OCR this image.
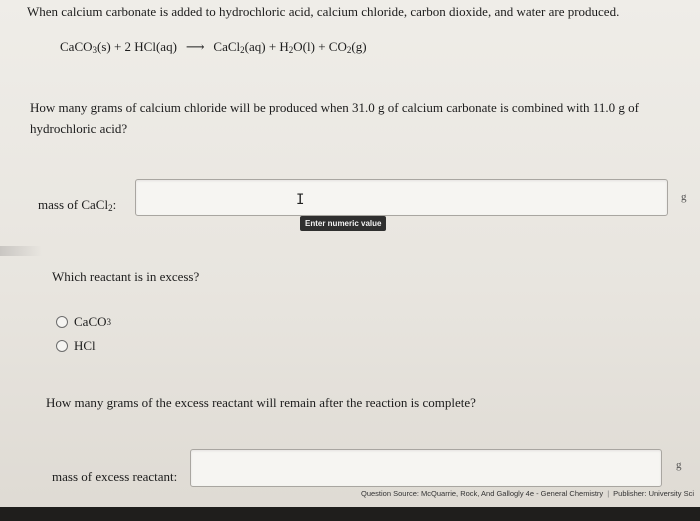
When calcium carbonate is added to hydrochloric acid, calcium chloride, carbon dioxide, and water are produced.
CaCO$_3$(s) + 2 HCl(aq) ⟶ CaCl$_2$(aq) + $H_2O(l) + CO_2(g)$
How many grams of calcium chloride will be produced when 31.0 g of calcium carbonate is combined with 11.0 g of hydrochloric acid?
mass of CaCl$_2$:	I
Enter numeric value
g
Which reactant is in excess?
CaCO 3
HCl
How many grams of the excess reactant will remain after the reaction is complete?
mass of excess reactant:
g
Question Source: McQuarrie, Rock, And Gallogly 4e - General Chemistry | Publisher: University Sci
